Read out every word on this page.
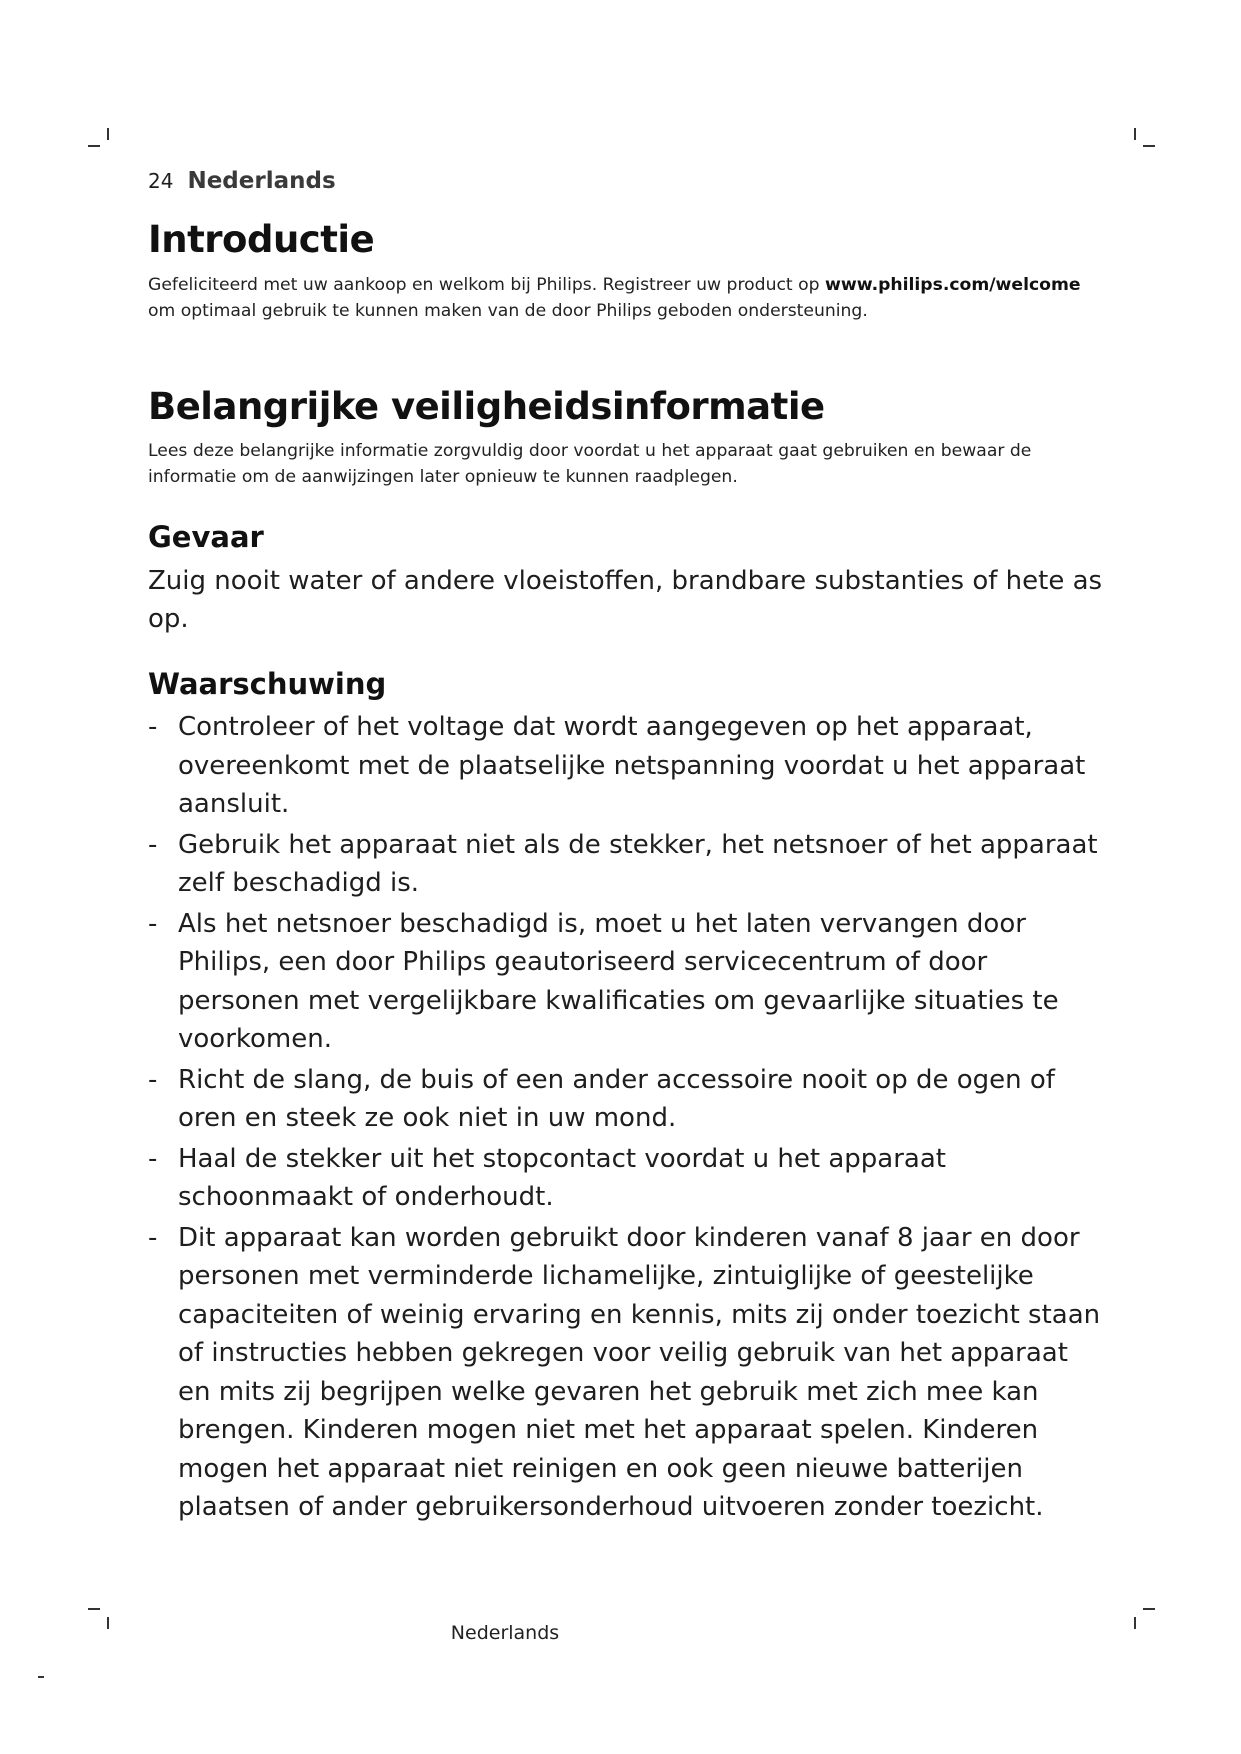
24 Nederlands
Introductie

Gefeliciteerd met uw aankoop en welkom bij Philips. Registreer uw product op www.philips.com/welcome om optimaal gebruik te kunnen maken van de door Philips geboden ondersteuning.

Belangrijke veiligheidsinformatie

Lees deze belangrijke informatie zorgvuldig door voordat u het apparaat gaat gebruiken en bewaar de informatie om de aanwijzingen later opnieuw te kunnen raadplegen.

Gevaar

Zuig nooit water of andere vloeistoffen, brandbare substanties of hete as op.

Waarschuwing
- Controleer of het voltage dat wordt aangegeven op het apparaat, overeenkomt met de plaatselijke netspanning voordat u het apparaat aansluit.
- Gebruik het apparaat niet als de stekker, het netsnoer of het apparaat zelf beschadigd is.
- Als het netsnoer beschadigd is, moet u het laten vervangen door Philips, een door Philips geautoriseerd servicecentrum of door personen met vergelijkbare kwalificaties om gevaarlijke situaties te voorkomen.
- Richt de slang, de buis of een ander accessoire nooit op de ogen of oren en steek ze ook niet in uw mond.
- Haal de stekker uit het stopcontact voordat u het apparaat schoonmaakt of onderhoudt.
- Dit apparaat kan worden gebruikt door kinderen vanaf 8 jaar en door personen met verminderde lichamelijke, zintuiglijke of geestelijke capaciteiten of weinig ervaring en kennis, mits zij onder toezicht staan of instructies hebben gekregen voor veilig gebruik van het apparaat en mits zij begrijpen welke gevaren het gebruik met zich mee kan brengen. Kinderen mogen niet met het apparaat spelen. Kinderen mogen het apparaat niet reinigen en ook geen nieuwe batterijen plaatsen of ander gebruikersonderhoud uitvoeren zonder toezicht.
Nederlands
